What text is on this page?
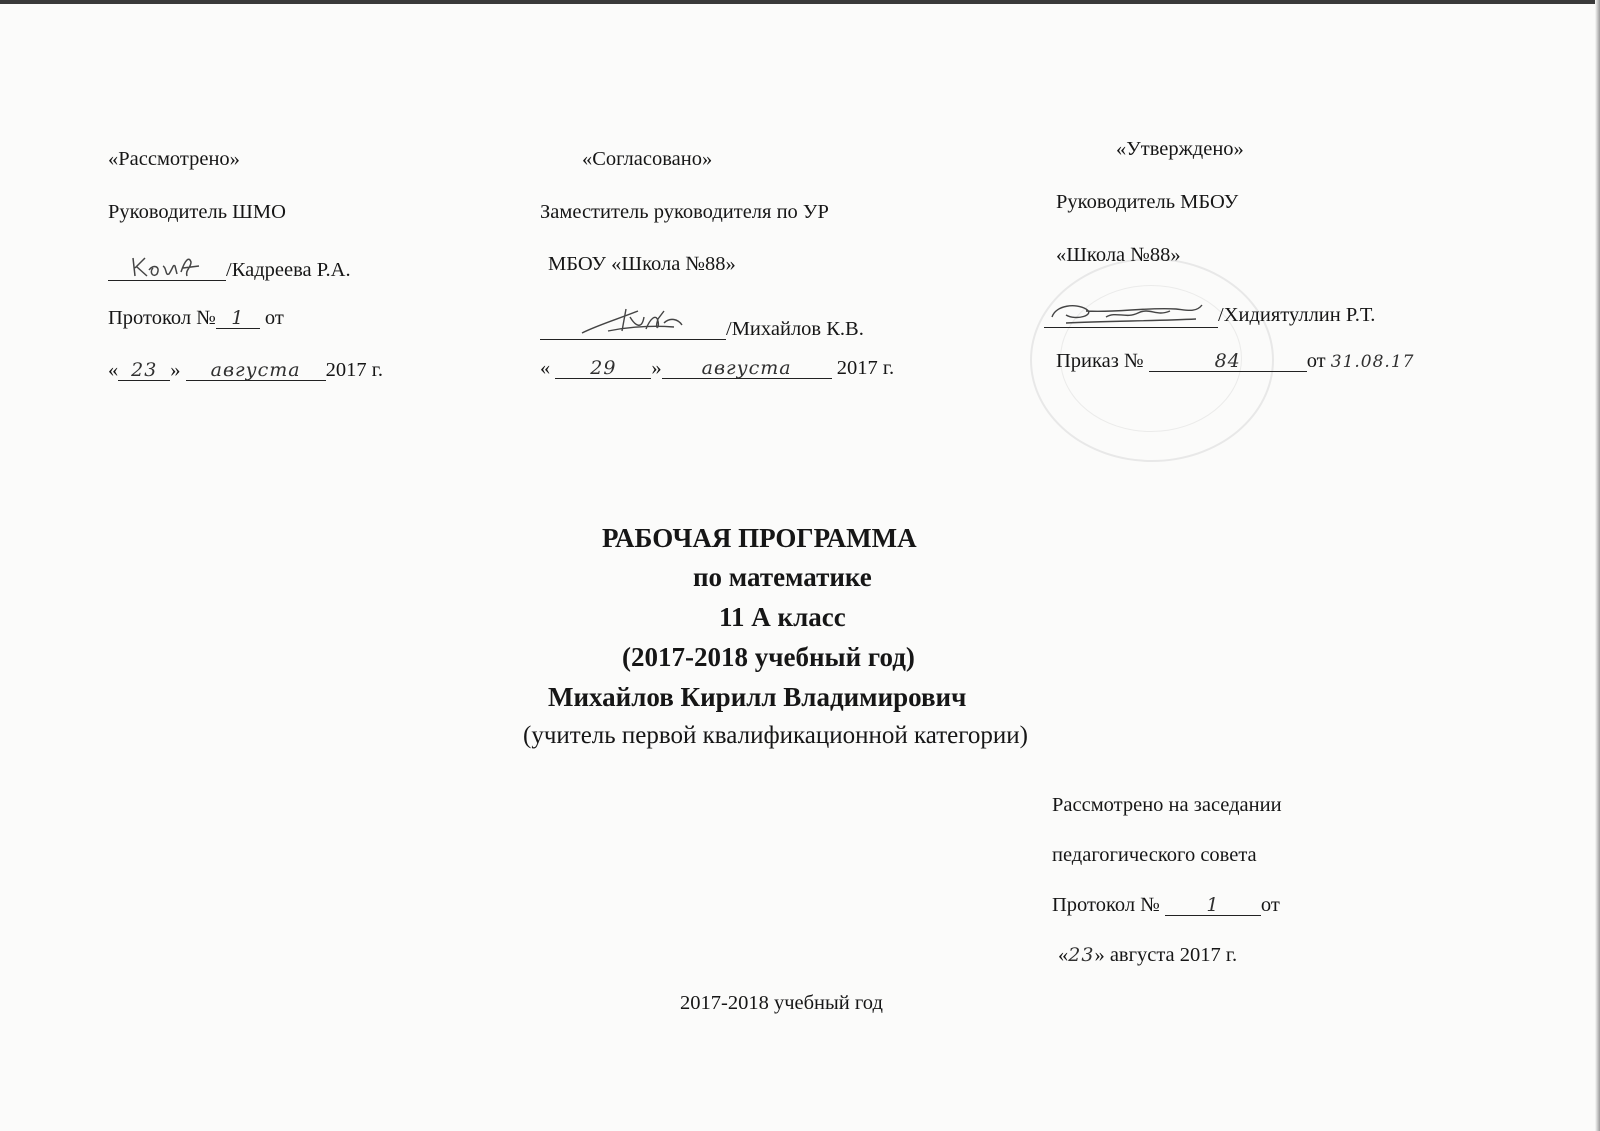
«Рассмотрено»
Руководитель ШМО
/Кадреева Р.А.
Протокол № 1 от
« 23 » августа 2017 г.
«Согласовано»
Заместитель руководителя по УР
МБОУ «Школа №88»
/Михайлов К.В.
« 29 » августа 2017 г.
«Утверждено»
Руководитель МБОУ
«Школа №88»
/Хидиятуллин Р.Т.
Приказ №	84	от 31.08.17
РАБОЧАЯ ПРОГРАММА
по математике
11 А класс
(2017-2018 учебный год)
Михайлов Кирилл Владимирович
(учитель первой квалификационной категории)
Рассмотрено на заседании
педагогического совета
Протокол № 1 от
«23» августа 2017 г.
2017-2018 учебный год
